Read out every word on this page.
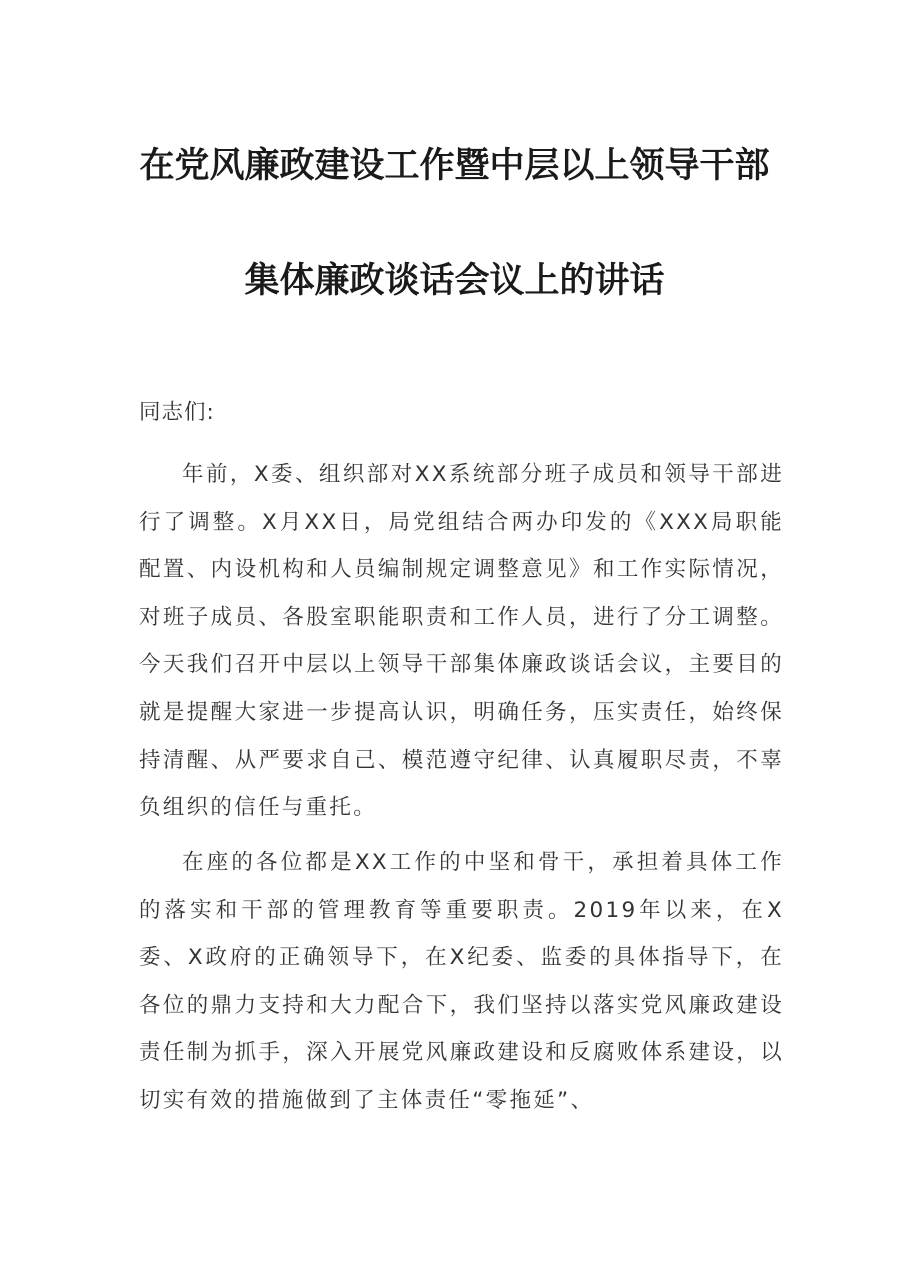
在党风廉政建设工作暨中层以上领导干部
集体廉政谈话会议上的讲话
同志们:

年前，X委、组织部对XX系统部分班子成员和领导干部进行了调整。X月XX日，局党组结合两办印发的《XXX局职能配置、内设机构和人员编制规定调整意见》和工作实际情况，对班子成员、各股室职能职责和工作人员，进行了分工调整。今天我们召开中层以上领导干部集体廉政谈话会议，主要目的就是提醒大家进一步提高认识，明确任务，压实责任，始终保持清醒、从严要求自己、模范遵守纪律、认真履职尽责，不辜负组织的信任与重托。

在座的各位都是XX工作的中坚和骨干，承担着具体工作的落实和干部的管理教育等重要职责。2019年以来，在X委、X政府的正确领导下，在X纪委、监委的具体指导下，在各位的鼎力支持和大力配合下，我们坚持以落实党风廉政建设责任制为抓手，深入开展党风廉政建设和反腐败体系建设，以切实有效的措施做到了主体责任“零拖延”、
